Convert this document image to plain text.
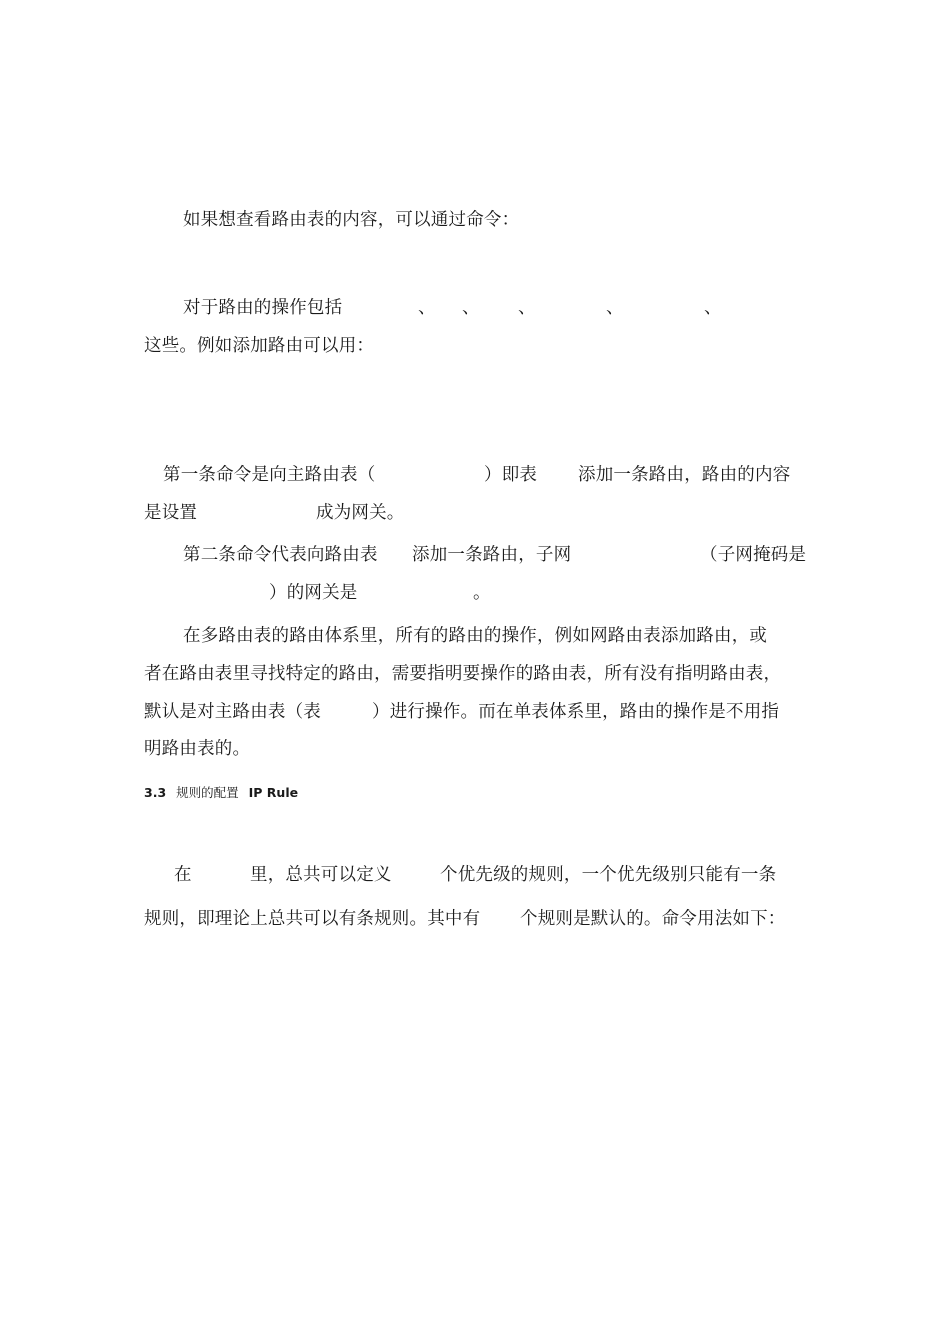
如果想查看路由表的内容，可以通过命令：
对于路由的操作包括	、 、 、	、	、
这些。例如添加路由可以用：
第一条命令是向主路由表（	）即表 添加一条路由，路由的内容
是设置	成为网关。
第二条命令代表向路由表 添加一条路由，子网	（子网掩码是
）的网关是	。
在多路由表的路由体系里，所有的路由的操作，例如网路由表添加路由，或
者在路由表里寻找特定的路由，需要指明要操作的路由表，所有没有指明路由表，
默认是对主路由表（表	）进行操作。而在单表体系里，路由的操作是不用指
明路由表的。
3.3 规则的配置 IP Rule
在	里，总共可以定义	个优先级的规则，一个优先级别只能有一条
规则，即理论上总共可以有条规则。其中有 个规则是默认的。命令用法如下：
